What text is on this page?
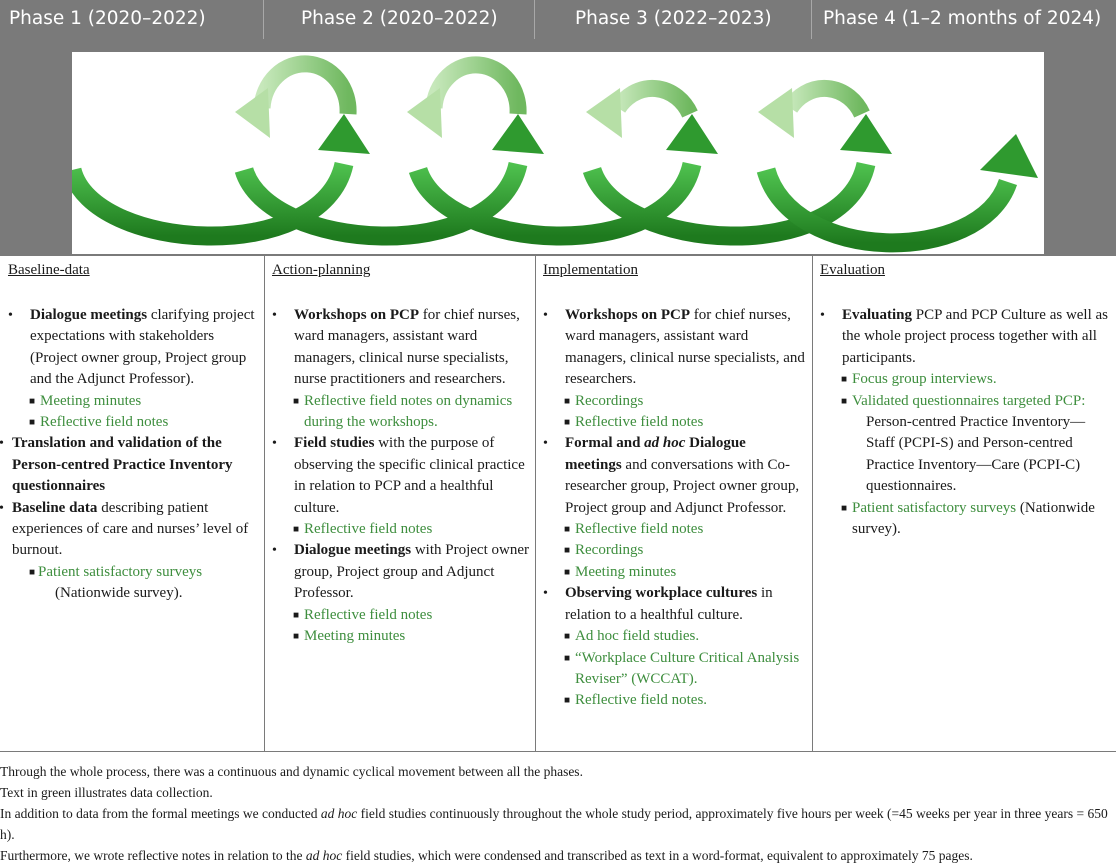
Phase 1 (2020–2022)	Phase 2 (2020–2022)	Phase 3 (2022–2023)	Phase 4 (1–2 months of 2024)
Baseline-data
• Dialogue meetings clarifying project expectations with stakeholders (Project owner group, Project group and the Adjunct Professor).
■ Meeting minutes
■ Reflective field notes
• Translation and validation of the Person-centred Practice Inventory questionnaires
• Baseline data describing patient experiences of care and nurses’ level of burnout.
■ Patient satisfactory surveys
(Nationwide survey).
Action-planning
• Workshops on PCP for chief nurses, ward managers, assistant ward managers, clinical nurse specialists, nurse practitioners and researchers.
■ Reflective field notes on dynamics during the workshops.
• Field studies with the purpose of observing the specific clinical practice in relation to PCP and a healthful culture.
■ Reflective field notes
• Dialogue meetings with Project owner group, Project group and Adjunct Professor.
■ Reflective field notes
■ Meeting minutes
Implementation
• Workshops on PCP for chief nurses, ward managers, assistant ward managers, clinical nurse specialists, and researchers.
■ Recordings
■ Reflective field notes
• Formal and ad hoc Dialogue meetings and conversations with Co-researcher group, Project owner group, Project group and Adjunct Professor.
■ Reflective field notes
■ Recordings
■ Meeting minutes
• Observing workplace cultures in relation to a healthful culture.
■ Ad hoc field studies.
■ “Workplace Culture Critical Analysis Reviser” (WCCAT).
■ Reflective field notes.
Evaluation
• Evaluating PCP and PCP Culture as well as the whole project process together with all participants.
■ Focus group interviews.
■ Validated questionnaires targeted PCP:
Person-centred Practice Inventory—Staff (PCPI-S) and Person-centred Practice Inventory—Care (PCPI-C) questionnaires.
■ Patient satisfactory surveys (Nationwide survey).
Through the whole process, there was a continuous and dynamic cyclical movement between all the phases.
Text in green illustrates data collection.
In addition to data from the formal meetings we conducted ad hoc field studies continuously throughout the whole study period, approximately five hours per week (=45 weeks per year in three years = 650 h).
Furthermore, we wrote reflective notes in relation to the ad hoc field studies, which were condensed and transcribed as text in a word-format, equivalent to approximately 75 pages.
